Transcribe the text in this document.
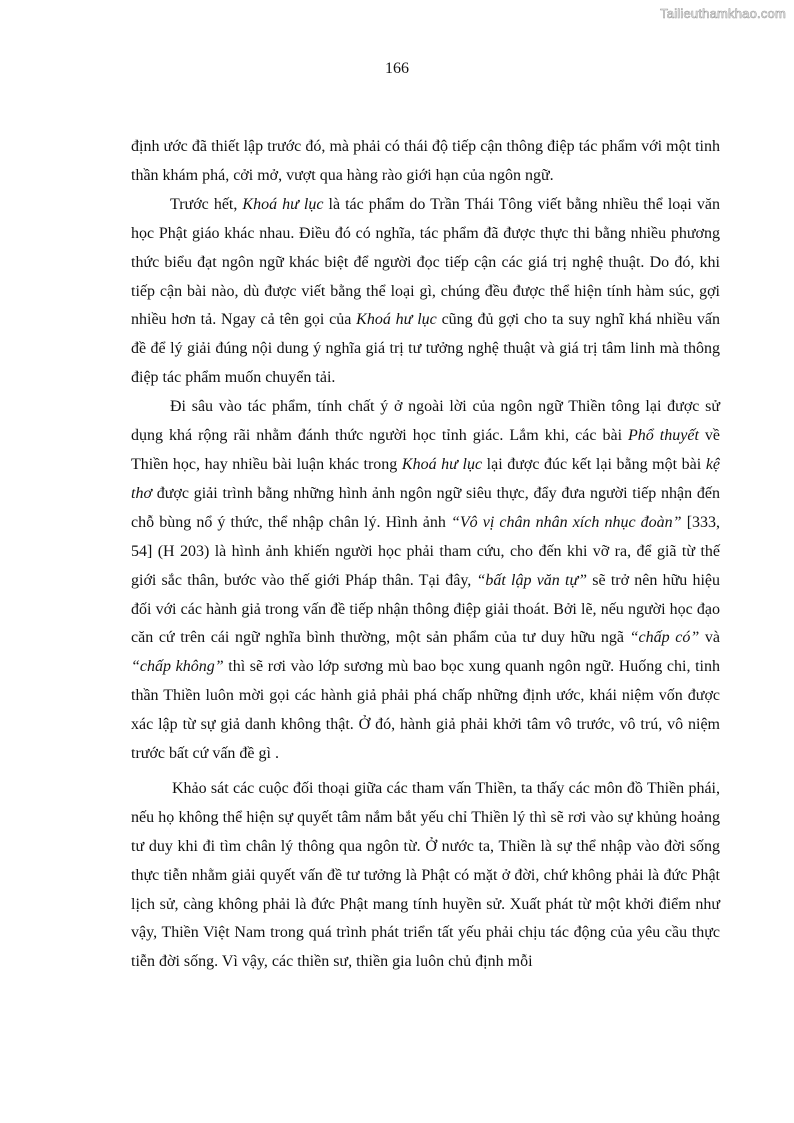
Tailieuthamkhao.com
166

định ước đã thiết lập trước đó, mà phải có thái độ tiếp cận thông điệp tác phẩm với một tinh thần khám phá, cởi mở, vượt qua hàng rào giới hạn của ngôn ngữ.

Trước hết, Khoá hư lục là tác phẩm do Trần Thái Tông viết bằng nhiều thể loại văn học Phật giáo khác nhau. Điều đó có nghĩa, tác phẩm đã được thực thi bằng nhiều phương thức biểu đạt ngôn ngữ khác biệt để người đọc tiếp cận các giá trị nghệ thuật. Do đó, khi tiếp cận bài nào, dù được viết bằng thể loại gì, chúng đều được thể hiện tính hàm súc, gợi nhiều hơn tả. Ngay cả tên gọi của Khoá hư lục cũng đủ gợi cho ta suy nghĩ khá nhiều vấn đề để lý giải đúng nội dung ý nghĩa giá trị tư tưởng nghệ thuật và giá trị tâm linh mà thông điệp tác phẩm muốn chuyển tải.

Đi sâu vào tác phẩm, tính chất ý ở ngoài lời của ngôn ngữ Thiền tông lại được sử dụng khá rộng rãi nhằm đánh thức người học tỉnh giác. Lắm khi, các bài Phổ thuyết về Thiền học, hay nhiều bài luận khác trong Khoá hư lục lại được đúc kết lại bằng một bài kệ thơ được giải trình bằng những hình ảnh ngôn ngữ siêu thực, đẩy đưa người tiếp nhận đến chỗ bùng nổ ý thức, thể nhập chân lý. Hình ảnh “Vô vị chân nhân xích nhục đoàn” [333, 54] (H 203) là hình ảnh khiến người học phải tham cứu, cho đến khi vỡ ra, để giã từ thế giới sắc thân, bước vào thế giới Pháp thân. Tại đây, “bất lập văn tự” sẽ trở nên hữu hiệu đối với các hành giả trong vấn đề tiếp nhận thông điệp giải thoát. Bởi lẽ, nếu người học đạo căn cứ trên cái ngữ nghĩa bình thường, một sản phẩm của tư duy hữu ngã “chấp có” và “chấp không” thì sẽ rơi vào lớp sương mù bao bọc xung quanh ngôn ngữ. Huống chi, tinh thần Thiền luôn mời gọi các hành giả phải phá chấp những định ước, khái niệm vốn được xác lập từ sự giả danh không thật. Ở đó, hành giả phải khởi tâm vô trước, vô trú, vô niệm trước bất cứ vấn đề gì .

Khảo sát các cuộc đối thoại giữa các tham vấn Thiền, ta thấy các môn đồ Thiền phái, nếu họ không thể hiện sự quyết tâm nắm bắt yếu chỉ Thiền lý thì sẽ rơi vào sự khủng hoảng tư duy khi đi tìm chân lý thông qua ngôn từ. Ở nước ta, Thiền là sự thể nhập vào đời sống thực tiễn nhằm giải quyết vấn đề tư tưởng là Phật có mặt ở đời, chứ không phải là đức Phật lịch sử, càng không phải là đức Phật mang tính huyền sử. Xuất phát từ một khởi điểm như vậy, Thiền Việt Nam trong quá trình phát triển tất yếu phải chịu tác động của yêu cầu thực tiễn đời sống. Vì vậy, các thiền sư, thiền gia luôn chủ định mỗi
